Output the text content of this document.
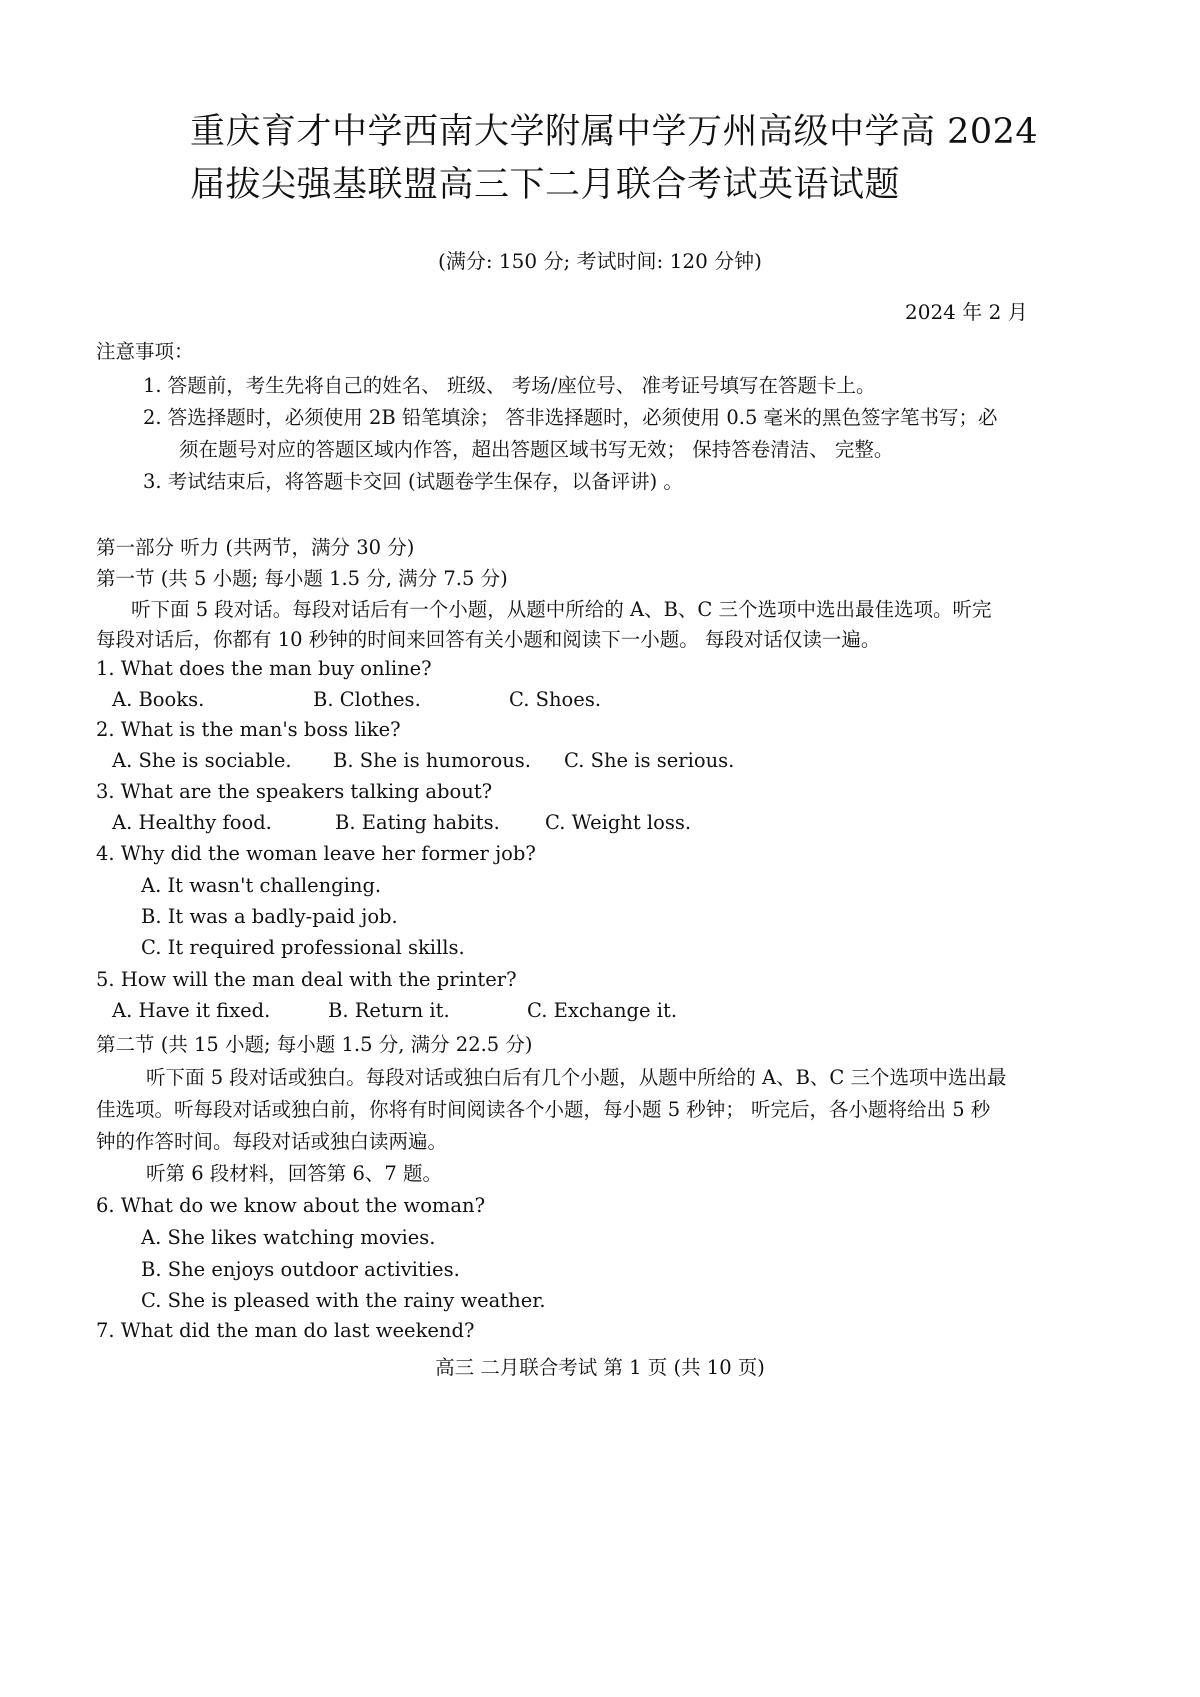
重庆育才中学西南大学附属中学万州高级中学高 2024
届拔尖强基联盟高三下二月联合考试英语试题
(满分: 150 分; 考试时间: 120 分钟)
2024 年 2 月
注意事项：
1. 答题前，考生先将自己的姓名、 班级、 考场/座位号、 准考证号填写在答题卡上。
2. 答选择题时，必须使用 2B 铅笔填涂； 答非选择题时，必须使用 0.5 毫米的黑色签字笔书写；必
须在题号对应的答题区域内作答，超出答题区域书写无效； 保持答卷清洁、 完整。
3. 考试结束后，将答题卡交回 (试题卷学生保存，以备评讲) 。
第一部分 听力 (共两节，满分 30 分)
第一节 (共 5 小题; 每小题 1.5 分, 满分 7.5 分)
听下面 5 段对话。每段对话后有一个小题，从题中所给的 A、B、C 三个选项中选出最佳选项。听完
每段对话后，你都有 10 秒钟的时间来回答有关小题和阅读下一小题。 每段对话仅读一遍。
1. What does the man buy online?
A. Books.	B. Clothes.	C. Shoes.
2. What is the man's boss like?
A. She is sociable. B. She is humorous. C. She is serious.
3. What are the speakers talking about?
A. Healthy food.	B. Eating habits. C. Weight loss.
4. Why did the woman leave her former job?
A. It wasn't challenging.
B. It was a badly-paid job.
C. It required professional skills.
5. How will the man deal with the printer?
A. Have it fixed.	B. Return it.	C. Exchange it.
第二节 (共 15 小题; 每小题 1.5 分, 满分 22.5 分)
听下面 5 段对话或独白。每段对话或独白后有几个小题，从题中所给的 A、B、C 三个选项中选出最
佳选项。听每段对话或独白前，你将有时间阅读各个小题，每小题 5 秒钟； 听完后，各小题将给出 5 秒
钟的作答时间。每段对话或独白读两遍。
听第 6 段材料，回答第 6、7 题。
6. What do we know about the woman?
A. She likes watching movies.
B. She enjoys outdoor activities.
C. She is pleased with the rainy weather.
7. What did the man do last weekend?
高三 二月联合考试 第 1 页 (共 10 页)
